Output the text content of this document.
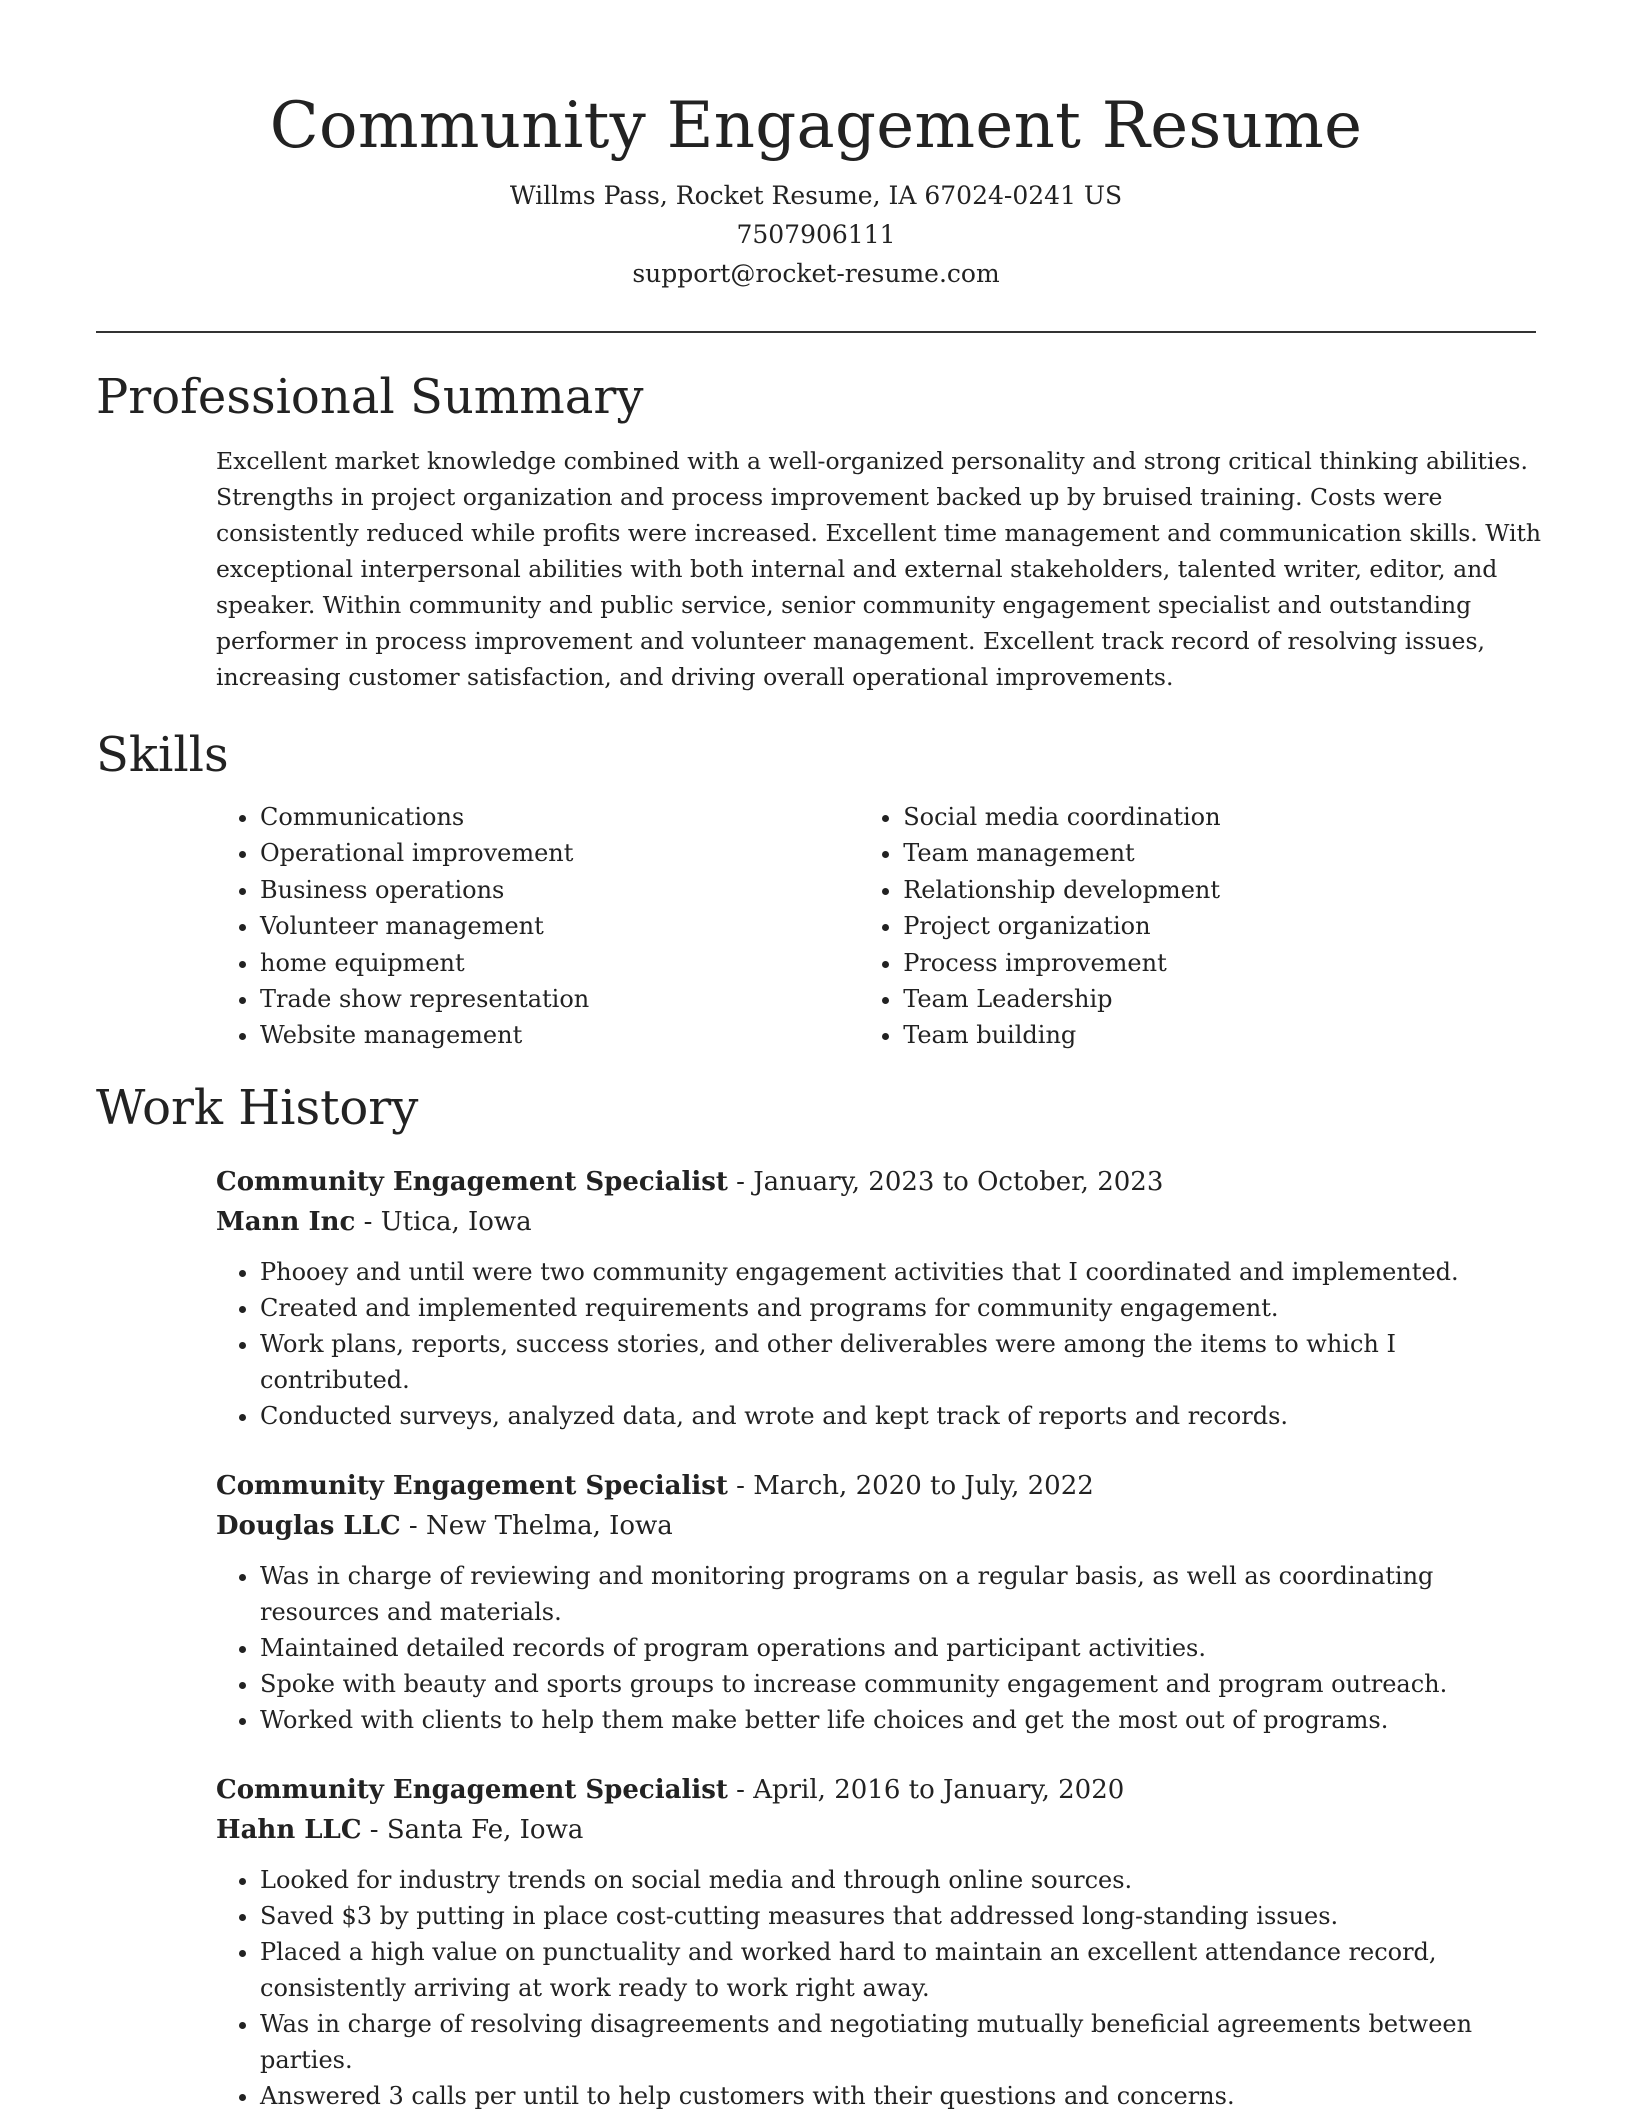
Community Engagement Resume
Willms Pass, Rocket Resume, IA 67024-0241 US
7507906111
support@rocket-resume.com
Professional Summary

Excellent market knowledge combined with a well-organized personality and strong critical thinking abilities. Strengths in project organization and process improvement backed up by bruised training. Costs were consistently reduced while profits were increased. Excellent time management and communication skills. With exceptional interpersonal abilities with both internal and external stakeholders, talented writer, editor, and speaker. Within community and public service, senior community engagement specialist and outstanding performer in process improvement and volunteer management. Excellent track record of resolving issues, increasing customer satisfaction, and driving overall operational improvements.

Skills
• Communications
• Operational improvement
• Business operations
• Volunteer management
• home equipment
• Trade show representation
• Website management
• Social media coordination
• Team management
• Relationship development
• Project organization
• Process improvement
• Team Leadership
• Team building
Work History
Community Engagement Specialist - January, 2023 to October, 2023
Mann Inc - Utica, Iowa
• Phooey and until were two community engagement activities that I coordinated and implemented.
• Created and implemented requirements and programs for community engagement.
• Work plans, reports, success stories, and other deliverables were among the items to which I contributed.
• Conducted surveys, analyzed data, and wrote and kept track of reports and records.
Community Engagement Specialist - March, 2020 to July, 2022
Douglas LLC - New Thelma, Iowa
• Was in charge of reviewing and monitoring programs on a regular basis, as well as coordinating resources and materials.
• Maintained detailed records of program operations and participant activities.
• Spoke with beauty and sports groups to increase community engagement and program outreach.
• Worked with clients to help them make better life choices and get the most out of programs.
Community Engagement Specialist - April, 2016 to January, 2020
Hahn LLC - Santa Fe, Iowa
• Looked for industry trends on social media and through online sources.
• Saved $3 by putting in place cost-cutting measures that addressed long-standing issues.
• Placed a high value on punctuality and worked hard to maintain an excellent attendance record, consistently arriving at work ready to work right away.
• Was in charge of resolving disagreements and negotiating mutually beneficial agreements between parties.
• Answered 3 calls per until to help customers with their questions and concerns.
